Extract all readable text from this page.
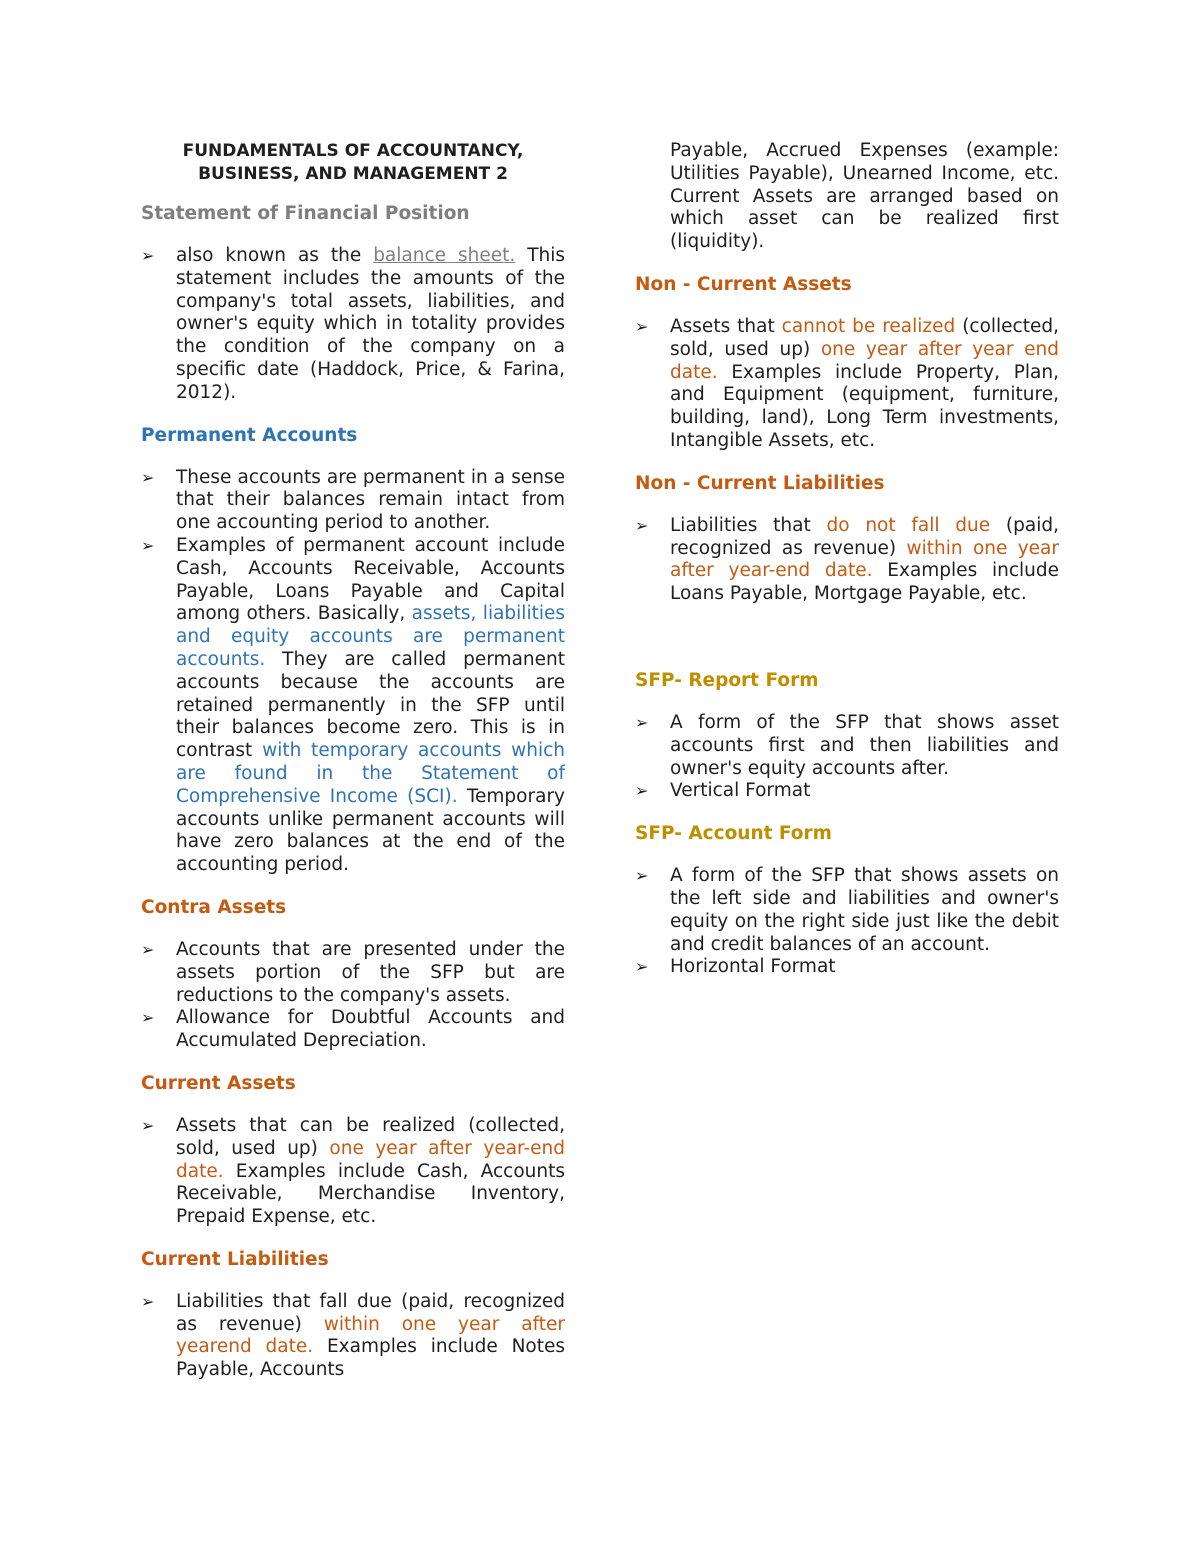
FUNDAMENTALS OF ACCOUNTANCY,
BUSINESS, AND MANAGEMENT 2
Statement of Financial Position
➢ also known as the balance sheet. This statement includes the amounts of the company's total assets, liabilities, and owner's equity which in totality provides the condition of the company on a specific date (Haddock, Price, & Farina, 2012).
Permanent Accounts
➢ These accounts are permanent in a sense that their balances remain intact from one accounting period to another.
➢ Examples of permanent account include Cash, Accounts Receivable, Accounts Payable, Loans Payable and Capital among others. Basically, assets, liabilities and equity accounts are permanent accounts. They are called permanent accounts because the accounts are retained permanently in the SFP until their balances become zero. This is in contrast with temporary accounts which are found in the Statement of Comprehensive Income (SCI). Temporary accounts unlike permanent accounts will have zero balances at the end of the accounting period.
Contra Assets
➢ Accounts that are presented under the assets portion of the SFP but are reductions to the company's assets.
➢ Allowance for Doubtful Accounts and Accumulated Depreciation.
Current Assets
➢ Assets that can be realized (collected, sold, used up) one year after year-end date. Examples include Cash, Accounts Receivable, Merchandise Inventory, Prepaid Expense, etc.
Current Liabilities
➢ Liabilities that fall due (paid, recognized as revenue) within one year after yearend date. Examples include Notes Payable, Accounts
Payable, Accrued Expenses (example: Utilities Payable), Unearned Income, etc. Current Assets are arranged based on which asset can be realized first (liquidity).
Non - Current Assets
➢ Assets that cannot be realized (collected, sold, used up) one year after year end date. Examples include Property, Plan, and Equipment (equipment, furniture, building, land), Long Term investments, Intangible Assets, etc.
Non - Current Liabilities
➢ Liabilities that do not fall due (paid, recognized as revenue) within one year after year-end date. Examples include Loans Payable, Mortgage Payable, etc.
SFP- Report Form
➢ A form of the SFP that shows asset accounts first and then liabilities and owner's equity accounts after.
➢ Vertical Format
SFP- Account Form
➢ A form of the SFP that shows assets on the left side and liabilities and owner's equity on the right side just like the debit and credit balances of an account.
➢ Horizontal Format
